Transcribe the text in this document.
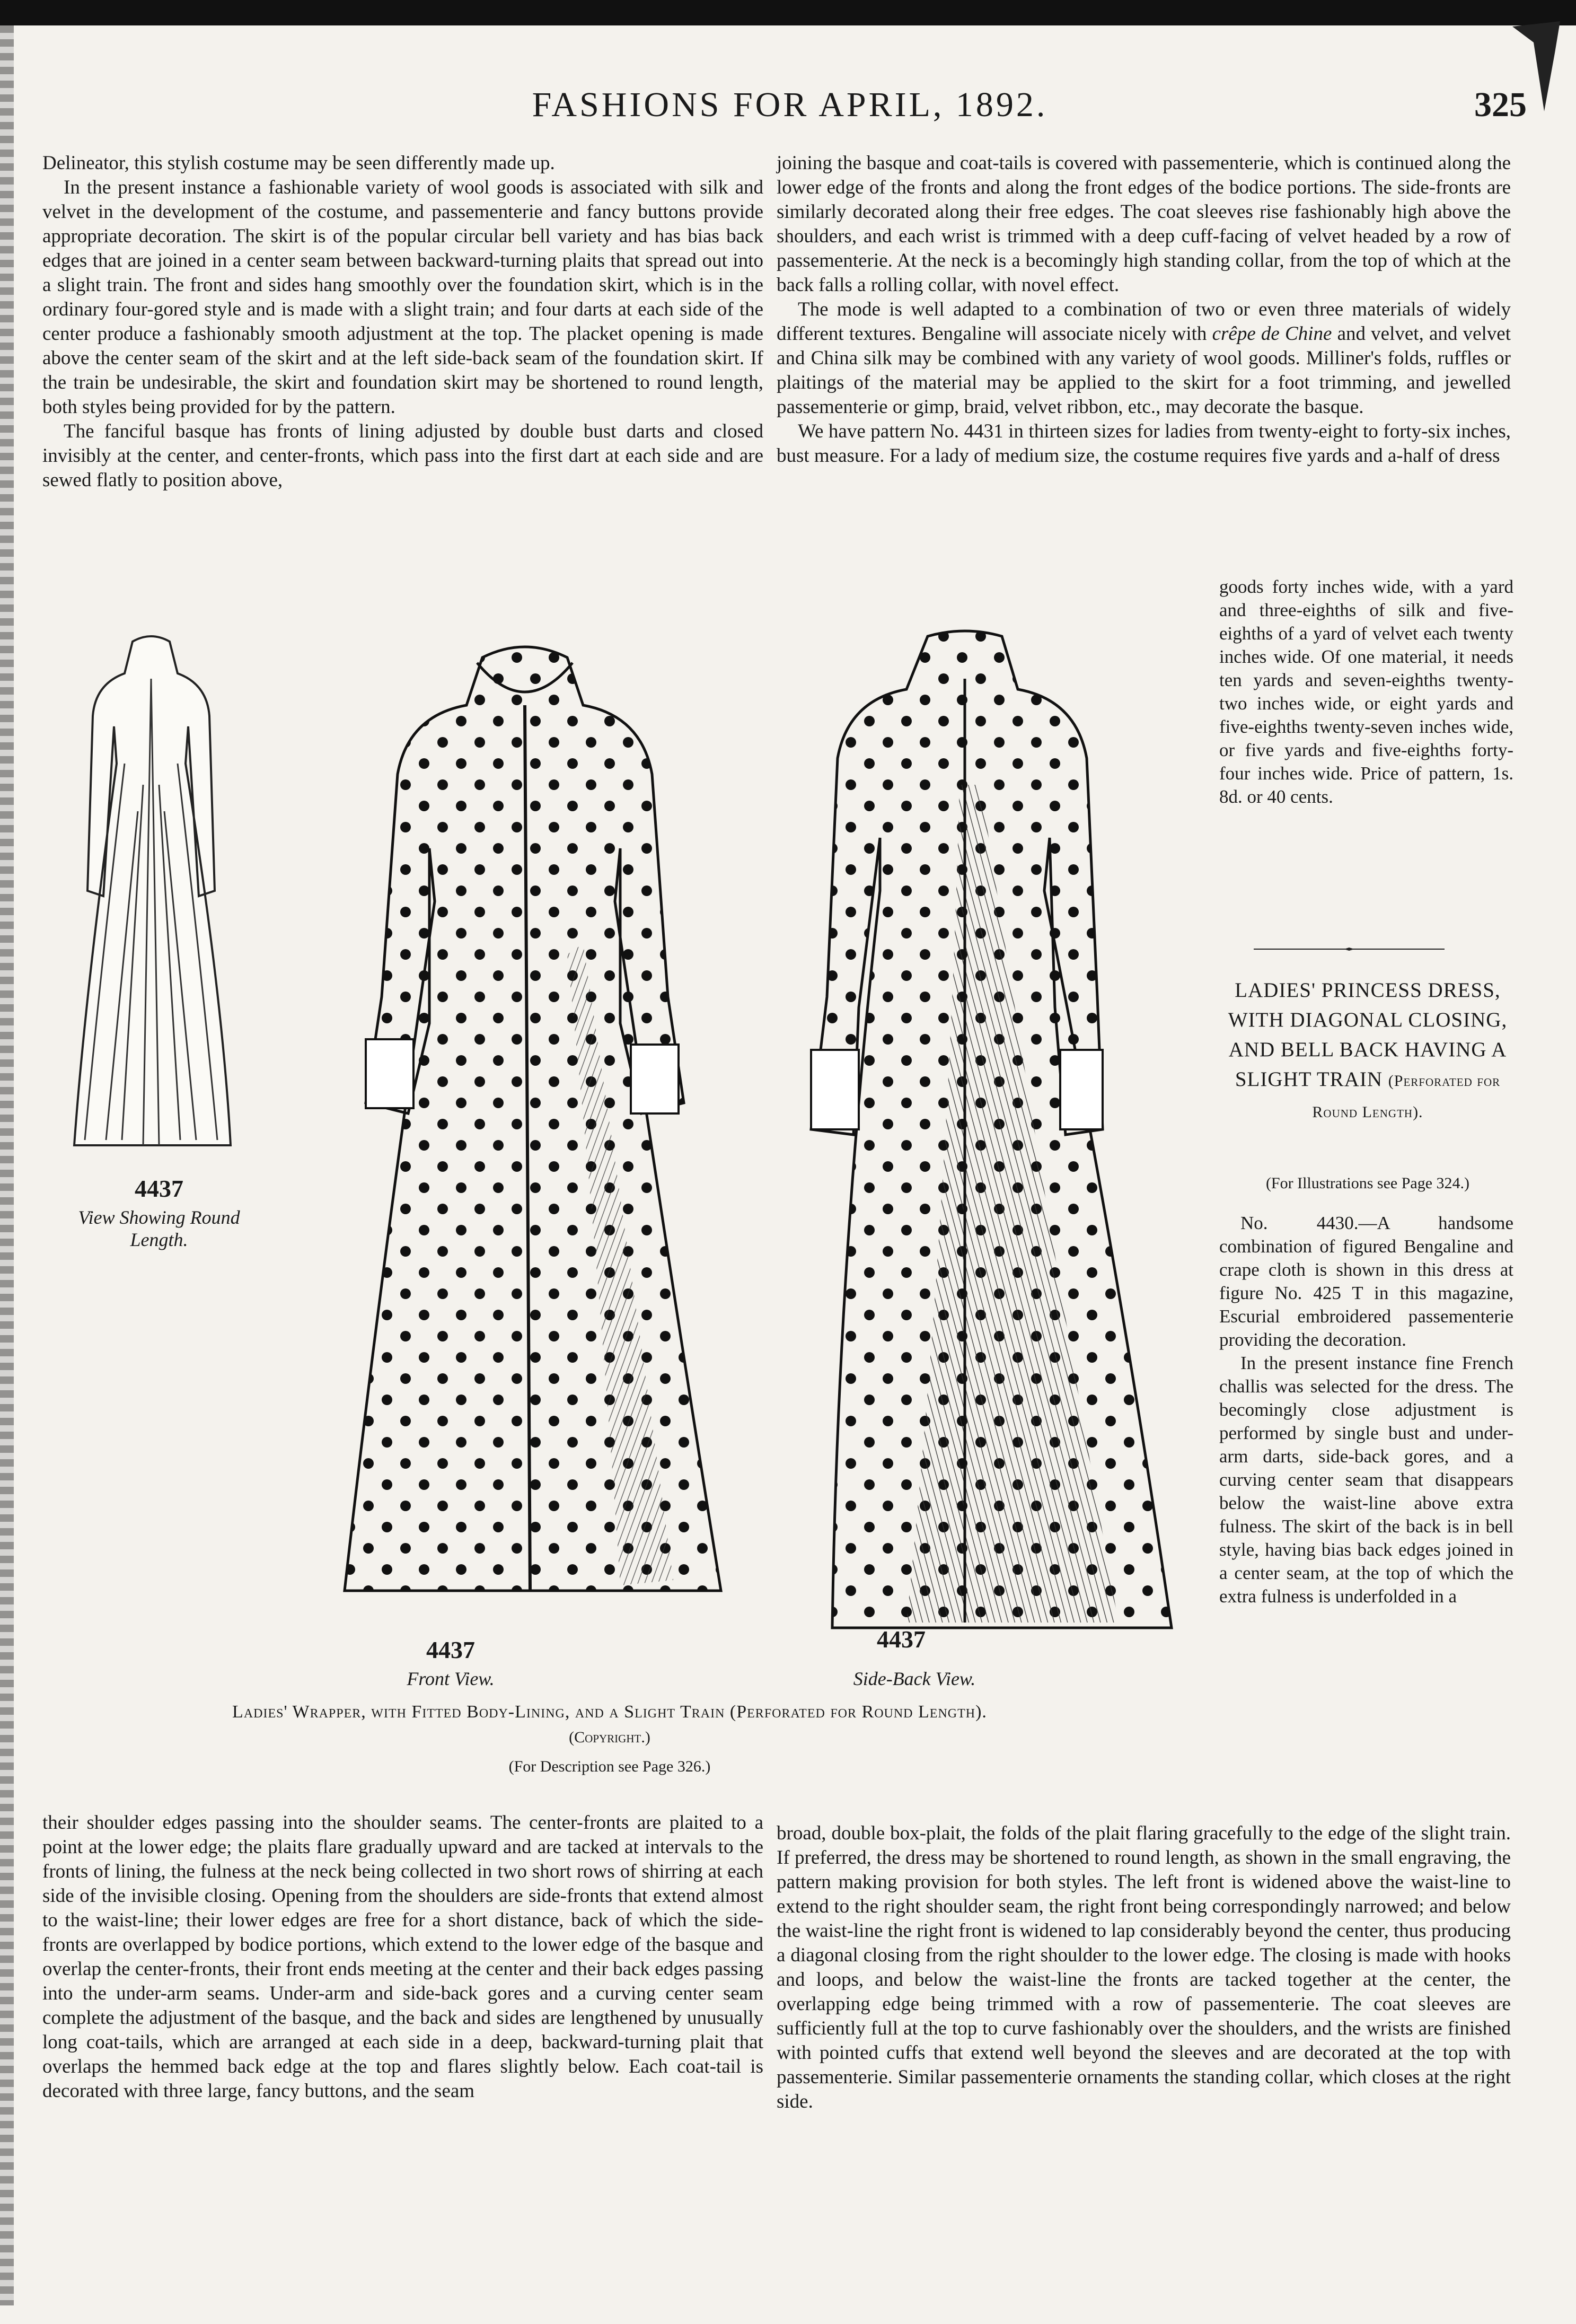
FASHIONS FOR APRIL, 1892.	325

Delineator, this stylish costume may be seen differently made up.

In the present instance a fashionable variety of wool goods is associated with silk and velvet in the development of the costume, and passementerie and fancy buttons provide appropriate decoration. The skirt is of the popular circular bell variety and has bias back edges that are joined in a center seam between backward-turning plaits that spread out into a slight train. The front and sides hang smoothly over the foundation skirt, which is in the ordinary four-gored style and is made with a slight train; and four darts at each side of the center produce a fashionably smooth adjustment at the top. The placket opening is made above the center seam of the skirt and at the left side-back seam of the foundation skirt. If the train be undesirable, the skirt and foundation skirt may be shortened to round length, both styles being provided for by the pattern.

The fanciful basque has fronts of lining adjusted by double bust darts and closed invisibly at the center, and center-fronts, which pass into the first dart at each side and are sewed flatly to position above,

joining the basque and coat-tails is covered with passementerie, which is continued along the lower edge of the fronts and along the front edges of the bodice portions. The side-fronts are similarly decorated along their free edges. The coat sleeves rise fashionably high above the shoulders, and each wrist is trimmed with a deep cuff-facing of velvet headed by a row of passementerie. At the neck is a becomingly high standing collar, from the top of which at the back falls a rolling collar, with novel effect.

The mode is well adapted to a combination of two or even three materials of widely different textures. Bengaline will associate nicely with crêpe de Chine and velvet, and velvet and China silk may be combined with any variety of wool goods. Milliner's folds, ruffles or plaitings of the material may be applied to the skirt for a foot trimming, and jewelled passementerie or gimp, braid, velvet ribbon, etc., may decorate the basque.

We have pattern No. 4431 in thirteen sizes for ladies from twenty-eight to forty-six inches, bust measure. For a lady of medium size, the costume requires five yards and a-half of dress

goods forty inches wide, with a yard and three-eighths of silk and five-eighths of a yard of velvet each twenty inches wide. Of one material, it needs ten yards and seven-eighths twenty-two inches wide, or eight yards and five-eighths twenty-seven inches wide, or five yards and five-eighths forty-four inches wide. Price of pattern, 1s. 8d. or 40 cents.

LADIES' PRINCESS DRESS, WITH DIAGONAL CLOSING, AND BELL BACK HAVING A SLIGHT TRAIN (Perforated for Round Length).
(For Illustrations see Page 324.)

No. 4430.—A handsome combination of figured Bengaline and crape cloth is shown in this dress at figure No. 425 T in this magazine, Escurial embroidered passementerie providing the decoration.

In the present instance fine French challis was selected for the dress. The becomingly close adjustment is performed by single bust and under-arm darts, side-back gores, and a curving center seam that disappears below the waist-line above extra fulness. The skirt of the back is in bell style, having bias back edges joined in a center seam, at the top of which the extra fulness is underfolded in a

4437
View Showing Round Length.
4437
Front View.
4437
Side-Back View.
Ladies' Wrapper, with Fitted Body-Lining, and a Slight Train (Perforated for Round Length).
(Copyright.)
(For Description see Page 326.)

their shoulder edges passing into the shoulder seams. The center-fronts are plaited to a point at the lower edge; the plaits flare gradually upward and are tacked at intervals to the fronts of lining, the fulness at the neck being collected in two short rows of shirring at each side of the invisible closing. Opening from the shoulders are side-fronts that extend almost to the waist-line; their lower edges are free for a short distance, back of which the side-fronts are overlapped by bodice portions, which extend to the lower edge of the basque and overlap the center-fronts, their front ends meeting at the center and their back edges passing into the under-arm seams. Under-arm and side-back gores and a curving center seam complete the adjustment of the basque, and the back and sides are lengthened by unusually long coat-tails, which are arranged at each side in a deep, backward-turning plait that overlaps the hemmed back edge at the top and flares slightly below. Each coat-tail is decorated with three large, fancy buttons, and the seam

broad, double box-plait, the folds of the plait flaring gracefully to the edge of the slight train. If preferred, the dress may be shortened to round length, as shown in the small engraving, the pattern making provision for both styles. The left front is widened above the waist-line to extend to the right shoulder seam, the right front being correspondingly narrowed; and below the waist-line the right front is widened to lap considerably beyond the center, thus producing a diagonal closing from the right shoulder to the lower edge. The closing is made with hooks and loops, and below the waist-line the fronts are tacked together at the center, the overlapping edge being trimmed with a row of passementerie. The coat sleeves are sufficiently full at the top to curve fashionably over the shoulders, and the wrists are finished with pointed cuffs that extend well beyond the sleeves and are decorated at the top with passementerie. Similar passementerie ornaments the standing collar, which closes at the right side.
